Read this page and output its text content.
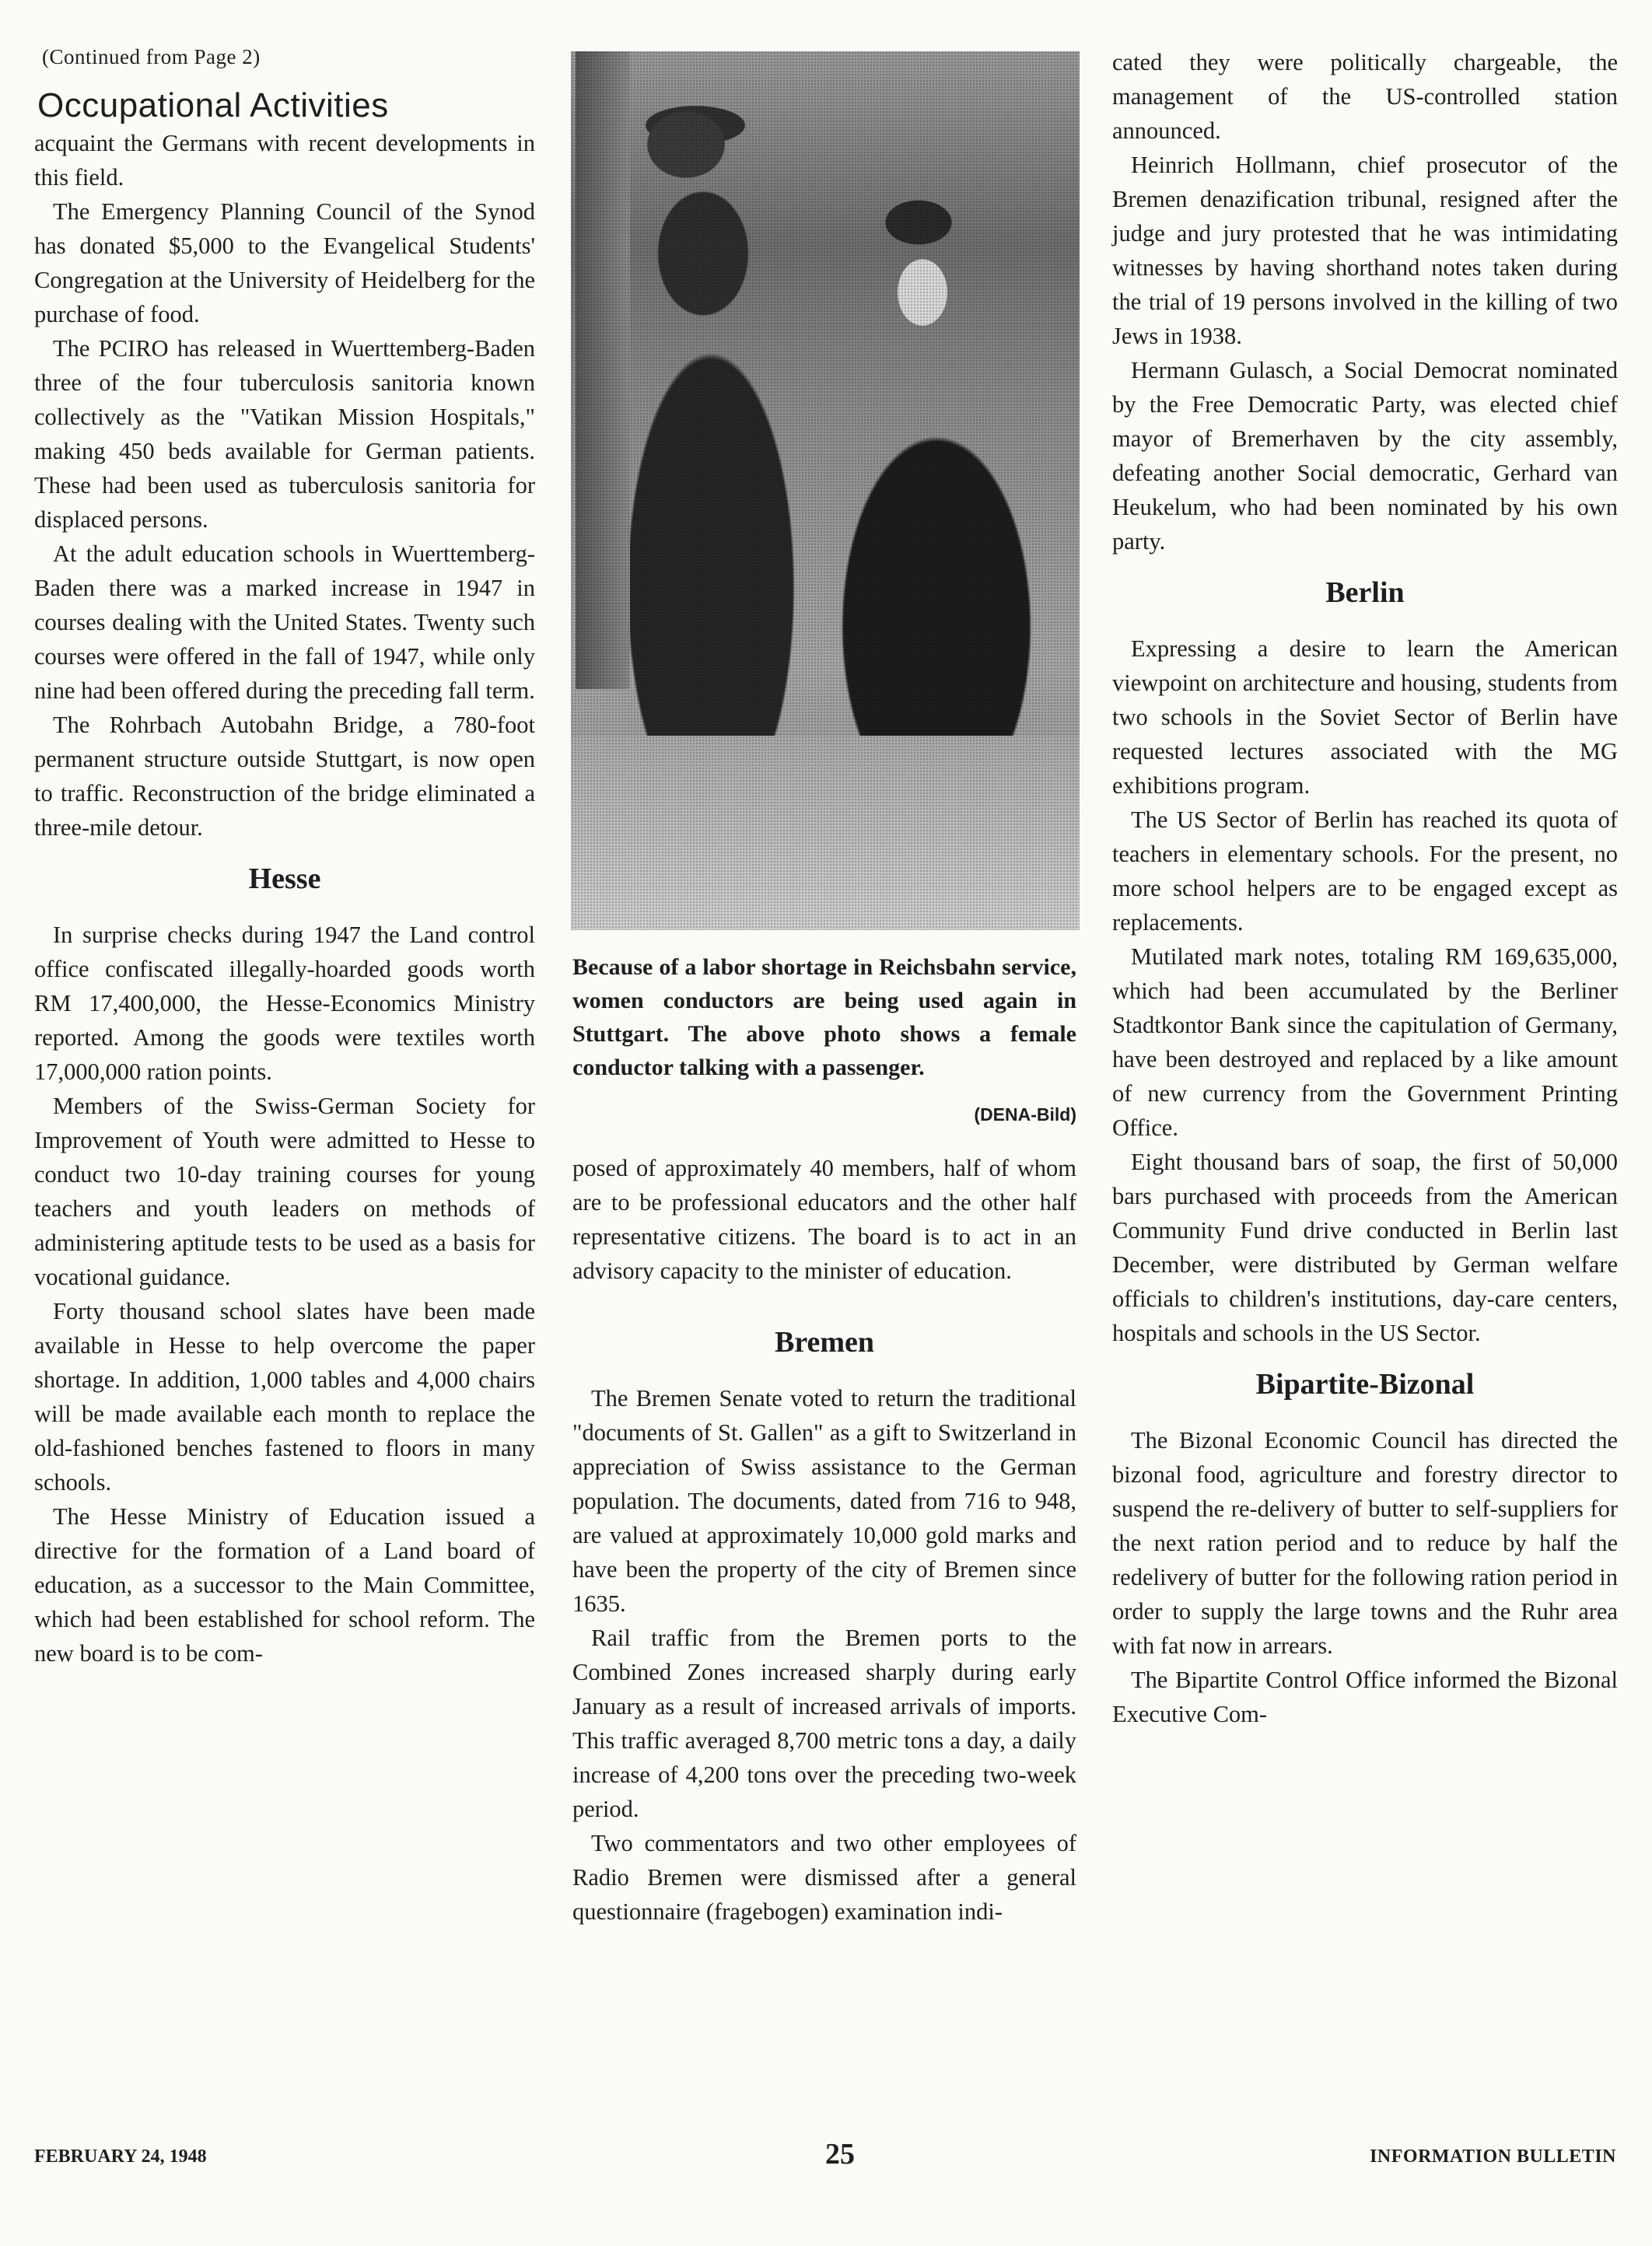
(Continued from Page 2)
Occupational Activities

acquaint the Germans with recent developments in this field.

The Emergency Planning Council of the Synod has donated $5,000 to the Evangelical Students' Congregation at the University of Heidelberg for the purchase of food.

The PCIRO has released in Wuerttemberg-Baden three of the four tuberculosis sanitoria known collectively as the "Vatikan Mission Hospitals," making 450 beds available for German patients. These had been used as tuberculosis sanitoria for displaced persons.

At the adult education schools in Wuerttemberg-Baden there was a marked increase in 1947 in courses dealing with the United States. Twenty such courses were offered in the fall of 1947, while only nine had been offered during the preceding fall term.

The Rohrbach Autobahn Bridge, a 780-foot permanent structure outside Stuttgart, is now open to traffic. Reconstruction of the bridge eliminated a three-mile detour.

Hesse

In surprise checks during 1947 the Land control office confiscated illegally-hoarded goods worth RM 17,400,000, the Hesse-Economics Ministry reported. Among the goods were textiles worth 17,000,000 ration points.

Members of the Swiss-German Society for Improvement of Youth were admitted to Hesse to conduct two 10-day training courses for young teachers and youth leaders on methods of administering aptitude tests to be used as a basis for vocational guidance.

Forty thousand school slates have been made available in Hesse to help overcome the paper shortage. In addition, 1,000 tables and 4,000 chairs will be made available each month to replace the old-fashioned benches fastened to floors in many schools.

The Hesse Ministry of Education issued a directive for the formation of a Land board of education, as a successor to the Main Committee, which had been established for school reform. The new board is to be com-

Because of a labor shortage in Reichsbahn service, women conductors are being used again in Stuttgart. The above photo shows a female conductor talking with a passenger.
(DENA-Bild)

posed of approximately 40 members, half of whom are to be professional educators and the other half representative citizens. The board is to act in an advisory capacity to the minister of education.

Bremen

The Bremen Senate voted to return the traditional "documents of St. Gallen" as a gift to Switzerland in appreciation of Swiss assistance to the German population. The documents, dated from 716 to 948, are valued at approximately 10,000 gold marks and have been the property of the city of Bremen since 1635.

Rail traffic from the Bremen ports to the Combined Zones increased sharply during early January as a result of increased arrivals of imports. This traffic averaged 8,700 metric tons a day, a daily increase of 4,200 tons over the preceding two-week period.

Two commentators and two other employees of Radio Bremen were dismissed after a general questionnaire (fragebogen) examination indi-

cated they were politically chargeable, the management of the US-controlled station announced.

Heinrich Hollmann, chief prosecutor of the Bremen denazification tribunal, resigned after the judge and jury protested that he was intimidating witnesses by having shorthand notes taken during the trial of 19 persons involved in the killing of two Jews in 1938.

Hermann Gulasch, a Social Democrat nominated by the Free Democratic Party, was elected chief mayor of Bremerhaven by the city assembly, defeating another Social democratic, Gerhard van Heukelum, who had been nominated by his own party.

Berlin

Expressing a desire to learn the American viewpoint on architecture and housing, students from two schools in the Soviet Sector of Berlin have requested lectures associated with the MG exhibitions program.

The US Sector of Berlin has reached its quota of teachers in elementary schools. For the present, no more school helpers are to be engaged except as replacements.

Mutilated mark notes, totaling RM 169,635,000, which had been accumulated by the Berliner Stadtkontor Bank since the capitulation of Germany, have been destroyed and replaced by a like amount of new currency from the Government Printing Office.

Eight thousand bars of soap, the first of 50,000 bars purchased with proceeds from the American Community Fund drive conducted in Berlin last December, were distributed by German welfare officials to children's institutions, day-care centers, hospitals and schools in the US Sector.

Bipartite-Bizonal

The Bizonal Economic Council has directed the bizonal food, agriculture and forestry director to suspend the re-delivery of butter to self-suppliers for the next ration period and to reduce by half the redelivery of butter for the following ration period in order to supply the large towns and the Ruhr area with fat now in arrears.

The Bipartite Control Office informed the Bizonal Executive Com-

FEBRUARY 24, 1948	25	INFORMATION BULLETIN
